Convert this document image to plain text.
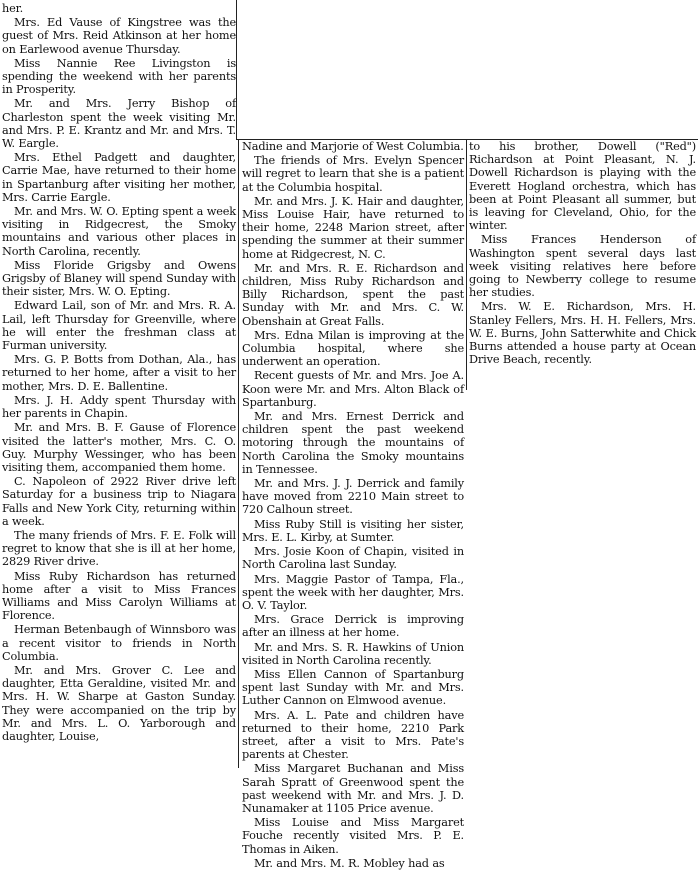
her.

Mrs. Ed Vause of Kingstree was the guest of Mrs. Reid Atkinson at her home on Earlewood avenue Thursday.

Miss Nannie Ree Livingston is spending the weekend with her parents in Prosperity.

Mr. and Mrs. Jerry Bishop of Charleston spent the week visiting Mr. and Mrs. P. E. Krantz and Mr. and Mrs. T. W. Eargle.

Mrs. Ethel Padgett and daughter, Carrie Mae, have returned to their home in Spartanburg after visiting her mother, Mrs. Carrie Eargle.

Mr. and Mrs. W. O. Epting spent a week visiting in Ridgecrest, the Smoky mountains and various other places in North Carolina, recently.

Miss Floride Grigsby and Owens Grigsby of Blaney will spend Sunday with their sister, Mrs. W. O. Epting.

Edward Lail, son of Mr. and Mrs. R. A. Lail, left Thursday for Greenville, where he will enter the freshman class at Furman university.

Mrs. G. P. Botts from Dothan, Ala., has returned to her home, after a visit to her mother, Mrs. D. E. Ballentine.

Mrs. J. H. Addy spent Thursday with her parents in Chapin.

Mr. and Mrs. B. F. Gause of Florence visited the latter's mother, Mrs. C. O. Guy. Murphy Wessinger, who has been visiting them, accompanied them home.

C. Napoleon of 2922 River drive left Saturday for a business trip to Niagara Falls and New York City, returning within a week.

The many friends of Mrs. F. E. Folk will regret to know that she is ill at her home, 2829 River drive.

Miss Ruby Richardson has returned home after a visit to Miss Frances Williams and Miss Carolyn Williams at Florence.

Herman Betenbaugh of Winnsboro was a recent visitor to friends in North Columbia.

Mr. and Mrs. Grover C. Lee and daughter, Etta Geraldine, visited Mr. and Mrs. H. W. Sharpe at Gaston Sunday. They were accompanied on the trip by Mr. and Mrs. L. O. Yarborough and daughter, Louise,

Nadine and Marjorie of West Columbia.

The friends of Mrs. Evelyn Spencer will regret to learn that she is a patient at the Columbia hospital.

Mr. and Mrs. J. K. Hair and daughter, Miss Louise Hair, have returned to their home, 2248 Marion street, after spending the summer at their summer home at Ridgecrest, N. C.

Mr. and Mrs. R. E. Richardson and children, Miss Ruby Richardson and Billy Richardson, spent the past Sunday with Mr. and Mrs. C. W. Obenshain at Great Falls.

Mrs. Edna Milan is improving at the Columbia hospital, where she underwent an operation.

Recent guests of Mr. and Mrs. Joe A. Koon were Mr. and Mrs. Alton Black of Spartanburg.

Mr. and Mrs. Ernest Derrick and children spent the past weekend motoring through the mountains of North Carolina the Smoky mountains in Tennessee.

Mr. and Mrs. J. J. Derrick and family have moved from 2210 Main street to 720 Calhoun street.

Miss Ruby Still is visiting her sister, Mrs. E. L. Kirby, at Sumter.

Mrs. Josie Koon of Chapin, visited in North Carolina last Sunday.

Mrs. Maggie Pastor of Tampa, Fla., spent the week with her daughter, Mrs. O. V. Taylor.

Mrs. Grace Derrick is improving after an illness at her home.

Mr. and Mrs. S. R. Hawkins of Union visited in North Carolina recently.

Miss Ellen Cannon of Spartanburg spent last Sunday with Mr. and Mrs. Luther Cannon on Elmwood avenue.

Mrs. A. L. Pate and children have returned to their home, 2210 Park street, after a visit to Mrs. Pate's parents at Chester.

Miss Margaret Buchanan and Miss Sarah Spratt of Greenwood spent the past weekend with Mr. and Mrs. J. D. Nunamaker at 1105 Price avenue.

Miss Louise and Miss Margaret Fouche recently visited Mrs. P. E. Thomas in Aiken.

Mr. and Mrs. M. R. Mobley had as

to his brother, Dowell ("Red") Richardson at Point Pleasant, N. J. Dowell Richardson is playing with the Everett Hogland orchestra, which has been at Point Pleasant all summer, but is leaving for Cleveland, Ohio, for the winter.

Miss Frances Henderson of Washington spent several days last week visiting relatives here before going to Newberry college to resume her studies.

Mrs. W. E. Richardson, Mrs. H. Stanley Fellers, Mrs. H. H. Fellers, Mrs. W. E. Burns, John Satterwhite and Chick Burns attended a house party at Ocean Drive Beach, recently.
